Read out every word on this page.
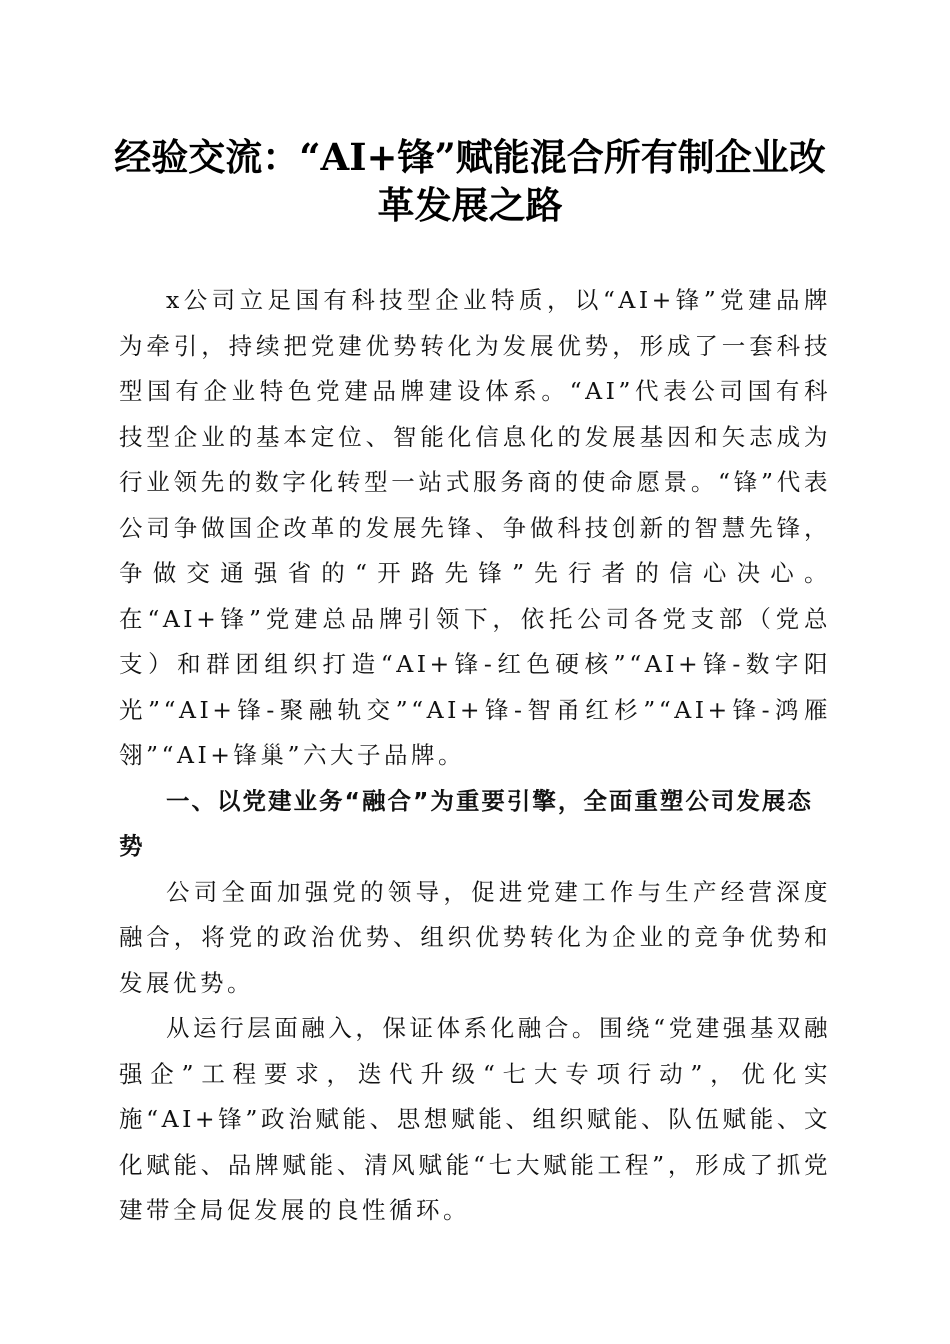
经验交流：“AI+锋”赋能混合所有制企业改革发展之路

x公司立足国有科技型企业特质，以“AI+锋”党建品牌为牵引，持续把党建优势转化为发展优势，形成了一套科技型国有企业特色党建品牌建设体系。“AI”代表公司国有科技型企业的基本定位、智能化信息化的发展基因和矢志成为行业领先的数字化转型一站式服务商的使命愿景。“锋”代表公司争做国企改革的发展先锋、争做科技创新的智慧先锋，争做交通强省的“开路先锋”先行者的信心决心。在“AI+锋”党建总品牌引领下，依托公司各党支部（党总支）和群团组织打造“AI+锋-红色硬核”“AI+锋-数字阳光”“AI+锋-聚融轨交”“AI+锋-智甬红杉”“AI+锋-鸿雁翎”“AI+锋巢”六大子品牌。

一、以党建业务“融合”为重要引擎，全面重塑公司发展态势

公司全面加强党的领导，促进党建工作与生产经营深度融合，将党的政治优势、组织优势转化为企业的竞争优势和发展优势。

从运行层面融入，保证体系化融合。围绕“党建强基双融强企”工程要求，迭代升级“七大专项行动”，优化实施“AI+锋”政治赋能、思想赋能、组织赋能、队伍赋能、文化赋能、品牌赋能、清风赋能“七大赋能工程”，形成了抓党建带全局促发展的良性循环。
